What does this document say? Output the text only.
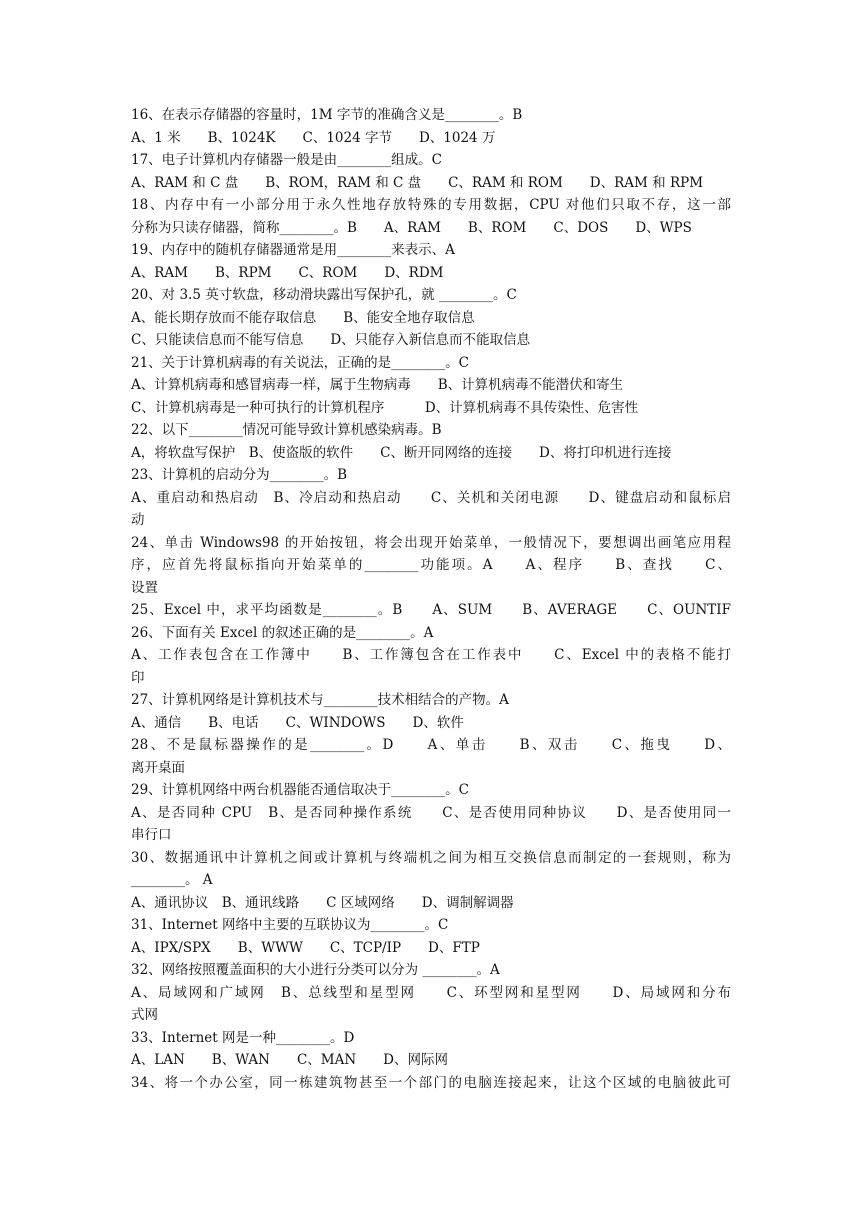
16、在表示存储器的容量时，1M 字节的准确含义是________。B
A、1 米　　B、1024K　　C、1024 字节　　D、1024 万
17、电子计算机内存储器一般是由________组成。C
A、RAM 和 C 盘　　B、ROM，RAM 和 C 盘　　C、RAM 和 ROM　　D、RAM 和 RPM
18、内存中有一小部分用于永久性地存放特殊的专用数据，CPU 对他们只取不存，这一部
分称为只读存储器，简称________。B　　A、RAM　　B、ROM　　C、DOS　　D、WPS
19、内存中的随机存储器通常是用________来表示、A
A、RAM　　B、RPM　　C、ROM　　D、RDM
20、对 3.5 英寸软盘，移动滑块露出写保护孔，就 ________。C
A、能长期存放而不能存取信息　　B、能安全地存取信息
C、只能读信息而不能写信息　　D、只能存入新信息而不能取信息
21、关于计算机病毒的有关说法，正确的是________。C
A、计算机病毒和感冒病毒一样，属于生物病毒　　B、计算机病毒不能潜伏和寄生
C、计算机病毒是一种可执行的计算机程序　　　D、计算机病毒不具传染性、危害性
22、以下________情况可能导致计算机感染病毒。B
A，将软盘写保护　B、使盗版的软件　　C、断开同网络的连接　　D、将打印机进行连接
23、计算机的启动分为________。B
A、重启动和热启动　B、冷启动和热启动　　C、关机和关闭电源　　D、键盘启动和鼠标启
动
24、单击 Windows98 的开始按钮，将会出现开始菜单，一般情况下，要想调出画笔应用程
序，应首先将鼠标指向开始菜单的________功能项。A　　A、程序　　B、查找　　C、
设置
25、Excel 中，求平均函数是________。B　　A、SUM　　B、AVERAGE　　C、OUNTIF
26、下面有关 Excel 的叙述正确的是________。A
A、工作表包含在工作簿中　　B、工作簿包含在工作表中　　C、Excel 中的表格不能打
印
27、计算机网络是计算机技术与________技术相结合的产物。A
A、通信　　B、电话　　C、WINDOWS　　D、软件
28、不是鼠标器操作的是________。D　　A、单击　　B、双击　　C、拖曳　　D、
离开桌面
29、计算机网络中两台机器能否通信取决于________。C
A、是否同种 CPU　B、是否同种操作系统　　C、是否使用同种协议　　D、是否使用同一
串行口
30、数据通讯中计算机之间或计算机与终端机之间为相互交换信息而制定的一套规则，称为
________。 A
A、通讯协议　B、通讯线路　　C 区域网络　　D、调制解调器
31、Internet 网络中主要的互联协议为________。C
A、IPX/SPX　　B、WWW　　C、TCP/IP　　D、FTP
32、网络按照覆盖面积的大小进行分类可以分为 ________。A
A、局域网和广域网　B、总线型和星型网　　C、环型网和星型网　　D、局域网和分布
式网
33、Internet 网是一种________。D
A、LAN　　B、WAN　　C、MAN　　D、网际网
34、将一个办公室，同一栋建筑物甚至一个部门的电脑连接起来，让这个区域的电脑彼此可
